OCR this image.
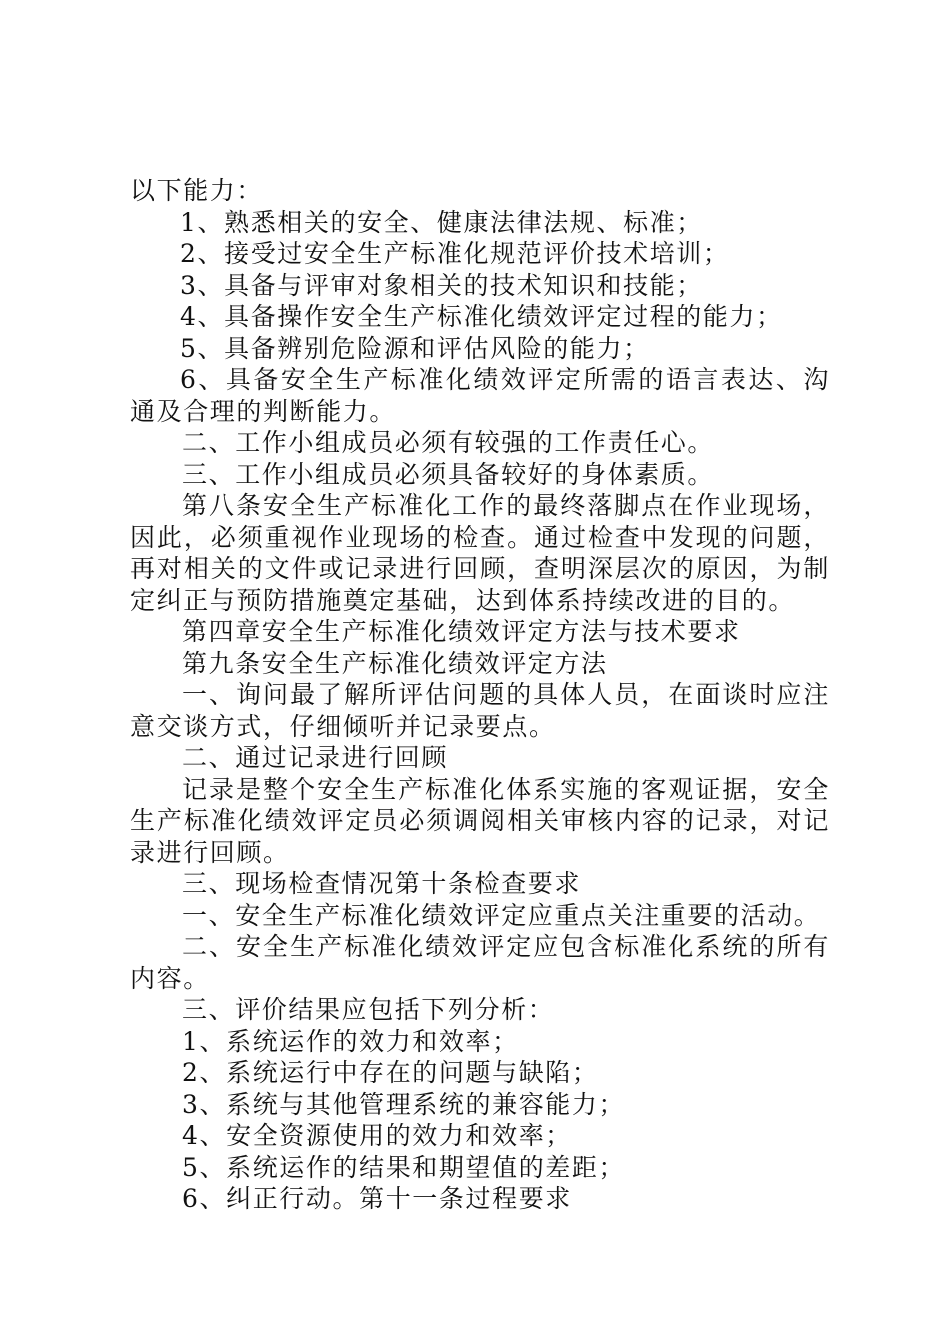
以下能力：

1、熟悉相关的安全、健康法律法规、标准；

2、接受过安全生产标准化规范评价技术培训；

3、具备与评审对象相关的技术知识和技能；

4、具备操作安全生产标准化绩效评定过程的能力；

5、具备辨别危险源和评估风险的能力；

6、具备安全生产标准化绩效评定所需的语言表达、沟通及合理的判断能力。

二、工作小组成员必须有较强的工作责任心。

三、工作小组成员必须具备较好的身体素质。

第八条安全生产标准化工作的最终落脚点在作业现场，因此，必须重视作业现场的检查。通过检查中发现的问题，再对相关的文件或记录进行回顾，查明深层次的原因，为制定纠正与预防措施奠定基础，达到体系持续改进的目的。

第四章安全生产标准化绩效评定方法与技术要求

第九条安全生产标准化绩效评定方法

一、询问最了解所评估问题的具体人员，在面谈时应注意交谈方式，仔细倾听并记录要点。

二、通过记录进行回顾

记录是整个安全生产标准化体系实施的客观证据，安全生产标准化绩效评定员必须调阅相关审核内容的记录，对记录进行回顾。

三、现场检查情况第十条检查要求

一、安全生产标准化绩效评定应重点关注重要的活动。

二、安全生产标准化绩效评定应包含标准化系统的所有内容。

三、评价结果应包括下列分析：

1、系统运作的效力和效率；

2、系统运行中存在的问题与缺陷；

3、系统与其他管理系统的兼容能力；

4、安全资源使用的效力和效率；

5、系统运作的结果和期望值的差距；

6、纠正行动。第十一条过程要求
